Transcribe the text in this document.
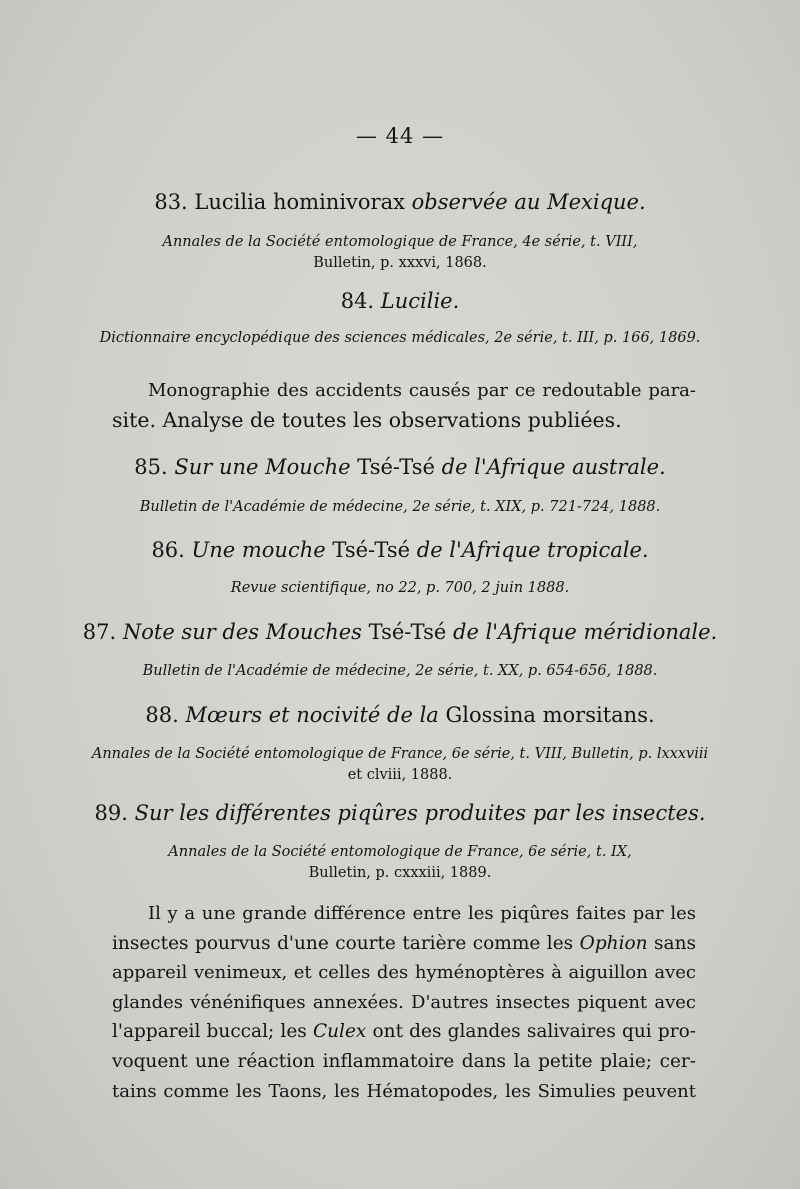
— 44 —
83. Lucilia hominivorax observée au Mexique.
Annales de la Société entomologique de France, 4e série, t. VIII,
Bulletin, p. xxxvi, 1868.
84. Lucilie.
Dictionnaire encyclopédique des sciences médicales, 2e série, t. III, p. 166, 1869.
Monographie des accidents causés par ce redoutable para-
site. Analyse de toutes les observations publiées.
85. Sur une Mouche Tsé-Tsé de l'Afrique australe.
Bulletin de l'Académie de médecine, 2e série, t. XIX, p. 721-724, 1888.
86. Une mouche Tsé-Tsé de l'Afrique tropicale.
Revue scientifique, no 22, p. 700, 2 juin 1888.
87. Note sur des Mouches Tsé-Tsé de l'Afrique méridionale.
Bulletin de l'Académie de médecine, 2e série, t. XX, p. 654-656, 1888.
88. Mœurs et nocivité de la Glossina morsitans.
Annales de la Société entomologique de France, 6e série, t. VIII, Bulletin, p. lxxxviii
et clviii, 1888.
89. Sur les différentes piqûres produites par les insectes.
Annales de la Société entomologique de France, 6e série, t. IX,
Bulletin, p. cxxxiii, 1889.
Il y a une grande différence entre les piqûres faites par les
insectes pourvus d'une courte tarière comme les Ophion sans
appareil venimeux, et celles des hyménoptères à aiguillon avec
glandes vénénifiques annexées. D'autres insectes piquent avec
l'appareil buccal; les Culex ont des glandes salivaires qui pro-
voquent une réaction inflammatoire dans la petite plaie; cer-
tains comme les Taons, les Hématopodes, les Simulies peuvent
